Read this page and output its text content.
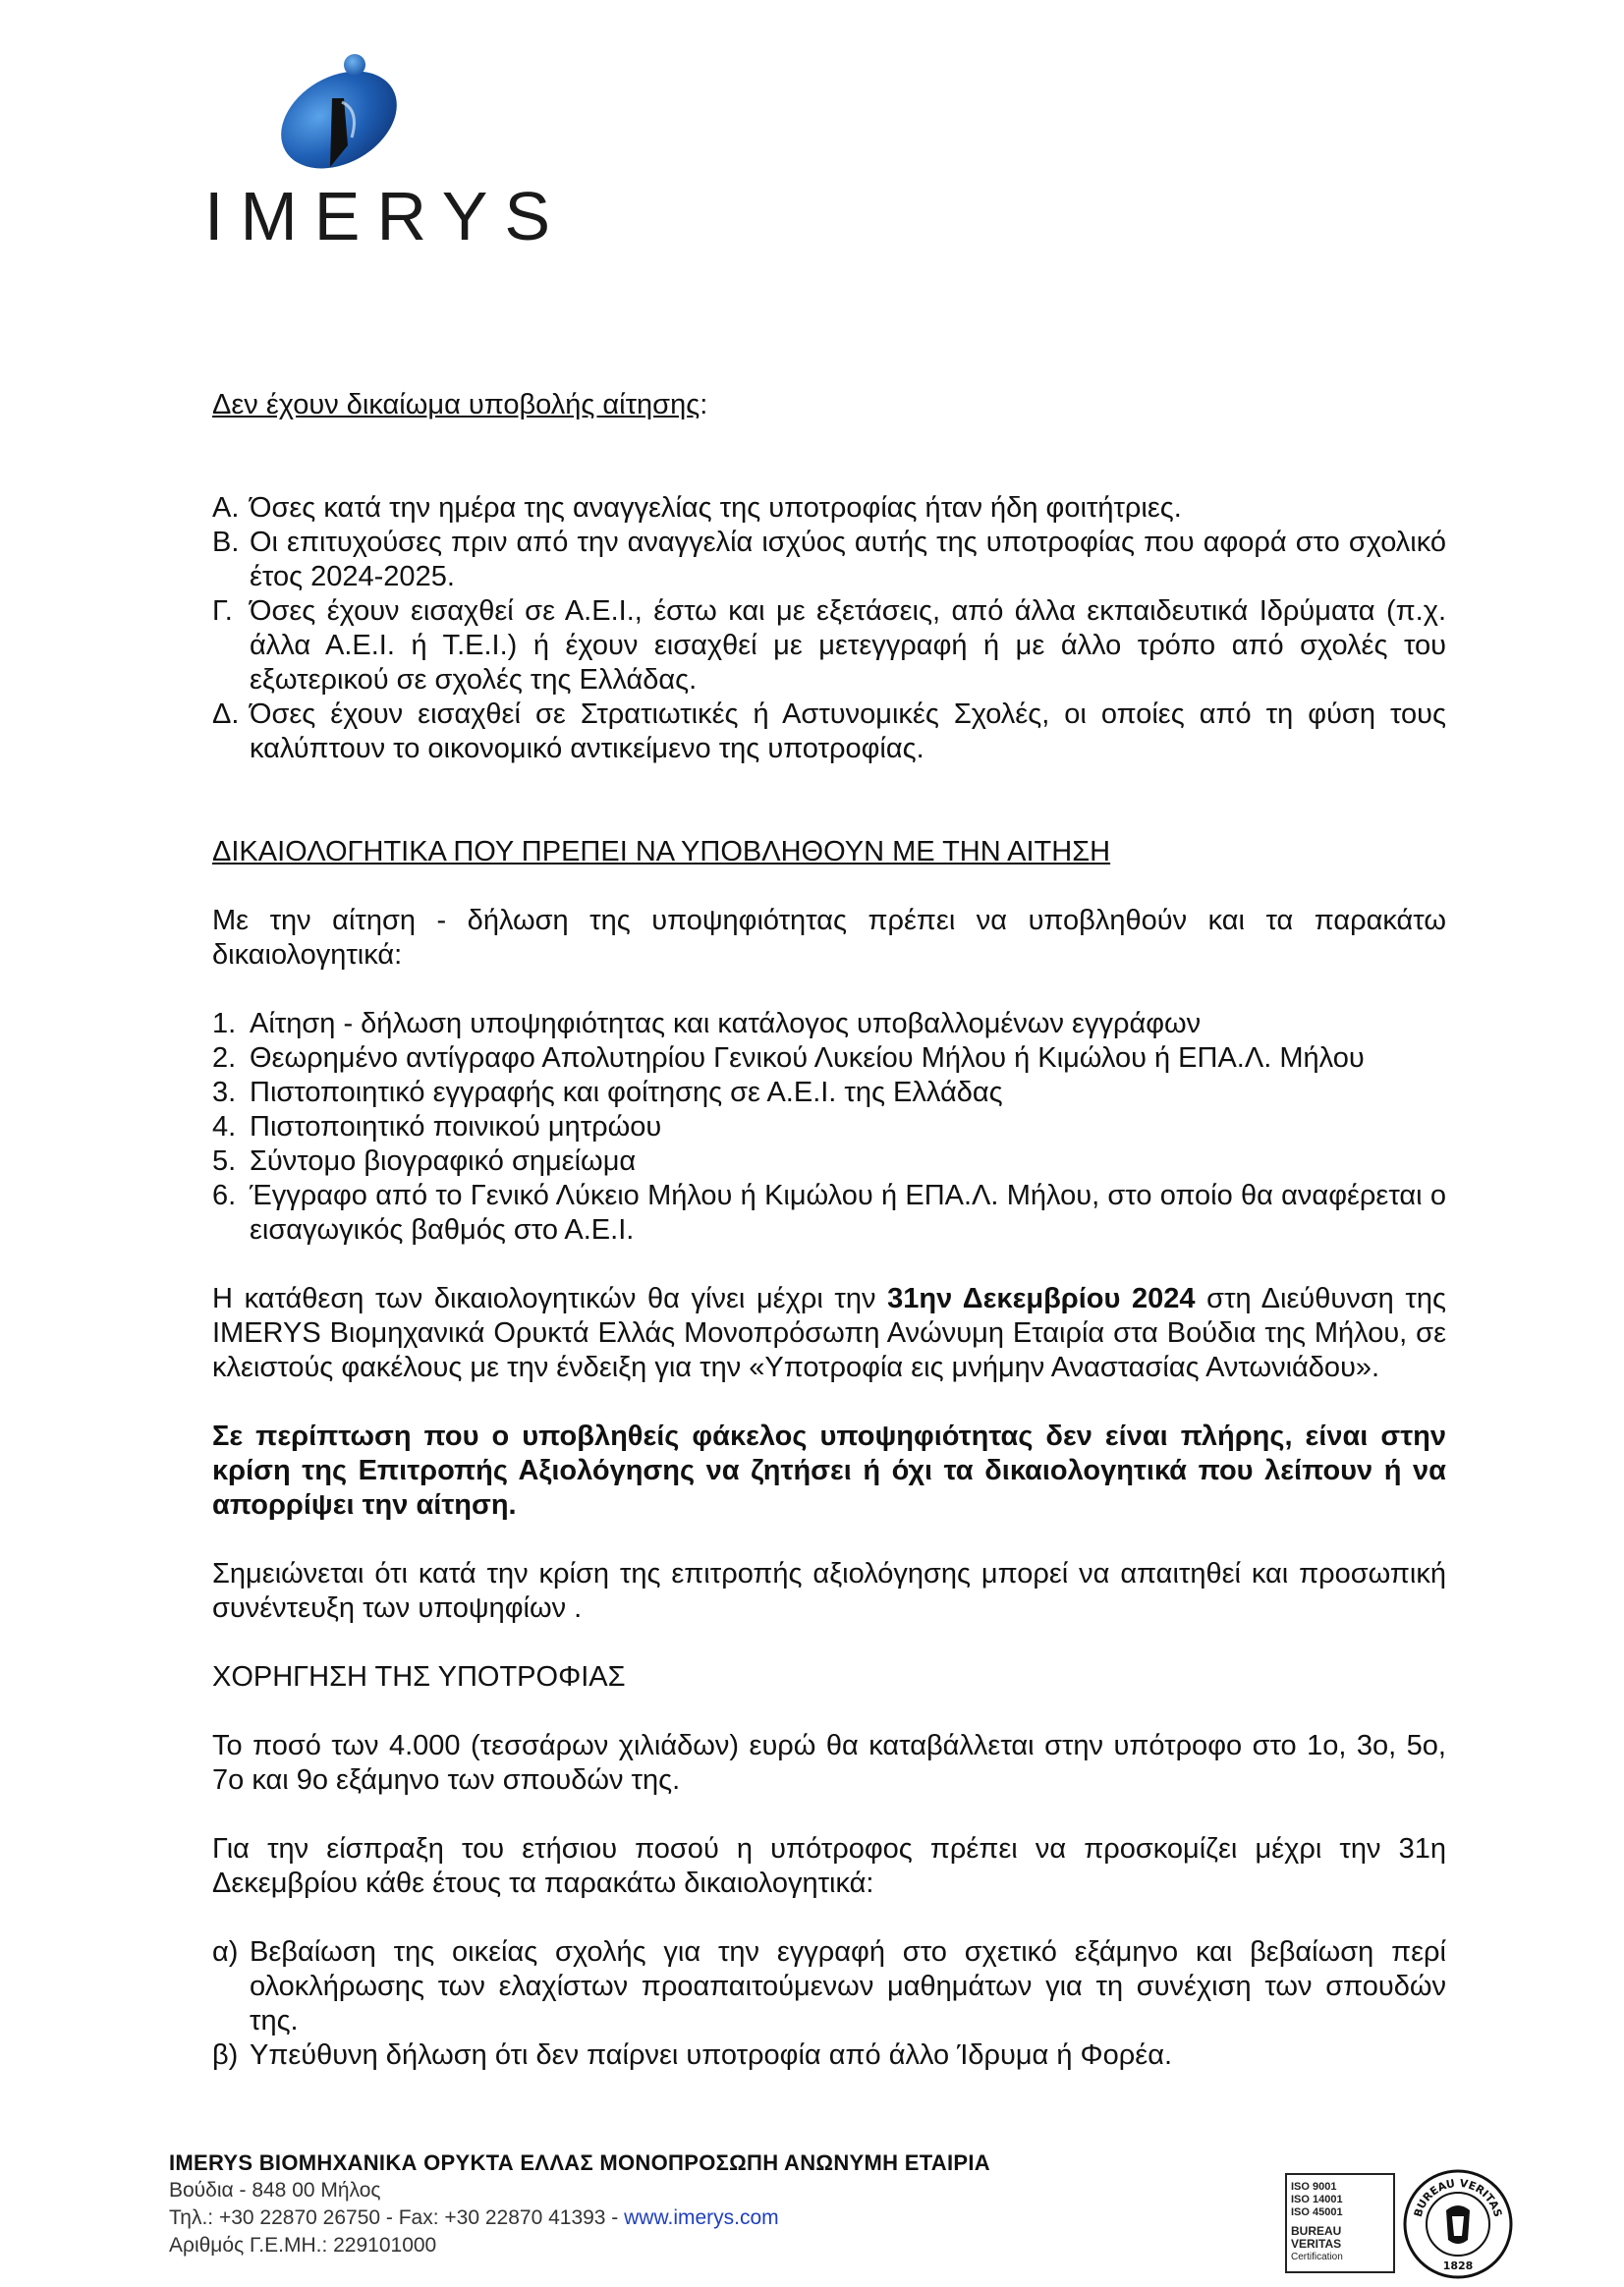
IMERYS

Δεν έχουν δικαίωμα υποβολής αίτησης:

Α. Όσες κατά την ημέρα της αναγγελίας της υποτροφίας ήταν ήδη φοιτήτριες.
Β. Οι επιτυχούσες πριν από την αναγγελία ισχύος αυτής της υποτροφίας που αφορά στο σχολικό έτος 2024-2025.
Γ. Όσες έχουν εισαχθεί σε Α.Ε.Ι., έστω και με εξετάσεις, από άλλα εκπαιδευτικά Ιδρύματα (π.χ. άλλα Α.Ε.Ι. ή Τ.Ε.Ι.) ή έχουν εισαχθεί με μετεγγραφή ή με άλλο τρόπο από σχολές του εξωτερικού σε σχολές της Ελλάδας.
Δ. Όσες έχουν εισαχθεί σε Στρατιωτικές ή Αστυνομικές Σχολές, οι οποίες από τη φύση τους καλύπτουν το οικονομικό αντικείμενο της υποτροφίας.

ΔΙΚΑΙΟΛΟΓΗΤΙΚΑ ΠΟΥ ΠΡΕΠΕΙ ΝΑ ΥΠΟΒΛΗΘΟΥΝ ΜΕ ΤΗΝ ΑΙΤΗΣΗ

Με την αίτηση - δήλωση της υποψηφιότητας πρέπει να υποβληθούν και τα παρακάτω δικαιολογητικά:

1. Αίτηση - δήλωση υποψηφιότητας και κατάλογος υποβαλλομένων εγγράφων
2. Θεωρημένο αντίγραφο Απολυτηρίου Γενικού Λυκείου Μήλου ή Κιμώλου ή ΕΠΑ.Λ. Μήλου
3. Πιστοποιητικό εγγραφής και φοίτησης σε Α.Ε.Ι. της Ελλάδας
4. Πιστοποιητικό ποινικού μητρώου
5. Σύντομο βιογραφικό σημείωμα
6. Έγγραφο από το Γενικό Λύκειο Μήλου ή Κιμώλου ή ΕΠΑ.Λ. Μήλου, στο οποίο θα αναφέρεται ο εισαγωγικός βαθμός στο Α.Ε.Ι.

Η κατάθεση των δικαιολογητικών θα γίνει μέχρι την 31ην Δεκεμβρίου 2024 στη Διεύθυνση της IMERYS Βιομηχανικά Ορυκτά Ελλάς Μονοπρόσωπη Ανώνυμη Εταιρία στα Βούδια της Μήλου, σε κλειστούς φακέλους με την ένδειξη για την «Υποτροφία εις μνήμην Αναστασίας Αντωνιάδου».

Σε περίπτωση που ο υποβληθείς φάκελος υποψηφιότητας δεν είναι πλήρης, είναι στην κρίση της Επιτροπής Αξιολόγησης να ζητήσει ή όχι τα δικαιολογητικά που λείπουν ή να απορρίψει την αίτηση.

Σημειώνεται ότι κατά την κρίση της επιτροπής αξιολόγησης μπορεί να απαιτηθεί και προσωπική συνέντευξη των υποψηφίων .

ΧΟΡΗΓΗΣΗ ΤΗΣ ΥΠΟΤΡΟΦΙΑΣ

Το ποσό των 4.000 (τεσσάρων χιλιάδων) ευρώ θα καταβάλλεται στην υπότροφο στο 1ο, 3ο, 5ο, 7ο και 9ο εξάμηνο των σπουδών της.

Για την είσπραξη του ετήσιου ποσού η υπότροφος πρέπει να προσκομίζει μέχρι την 31η Δεκεμβρίου κάθε έτους τα παρακάτω δικαιολογητικά:

α) Βεβαίωση της οικείας σχολής για την εγγραφή στο σχετικό εξάμηνο και βεβαίωση περί ολοκλήρωσης των ελαχίστων προαπαιτούμενων μαθημάτων για τη συνέχιση των σπουδών της.
β) Υπεύθυνη δήλωση ότι δεν παίρνει υποτροφία από άλλο Ίδρυμα ή Φορέα.

IMERYS ΒΙΟΜΗΧΑΝΙΚΑ ΟΡΥΚΤΑ ΕΛΛΑΣ ΜΟΝΟΠΡΟΣΩΠΗ ΑΝΩΝΥΜΗ ΕΤΑΙΡΙΑ

Βούδια - 848 00 Μήλος

Τηλ.: +30 22870 26750 - Fax: +30 22870 41393 - www.imerys.com

Αριθμός Γ.Ε.ΜΗ.: 229101000

ISO 9001
ISO 14001
ISO 45001
BUREAU VERITAS
Certification
BUREAU VERITAS
1828
